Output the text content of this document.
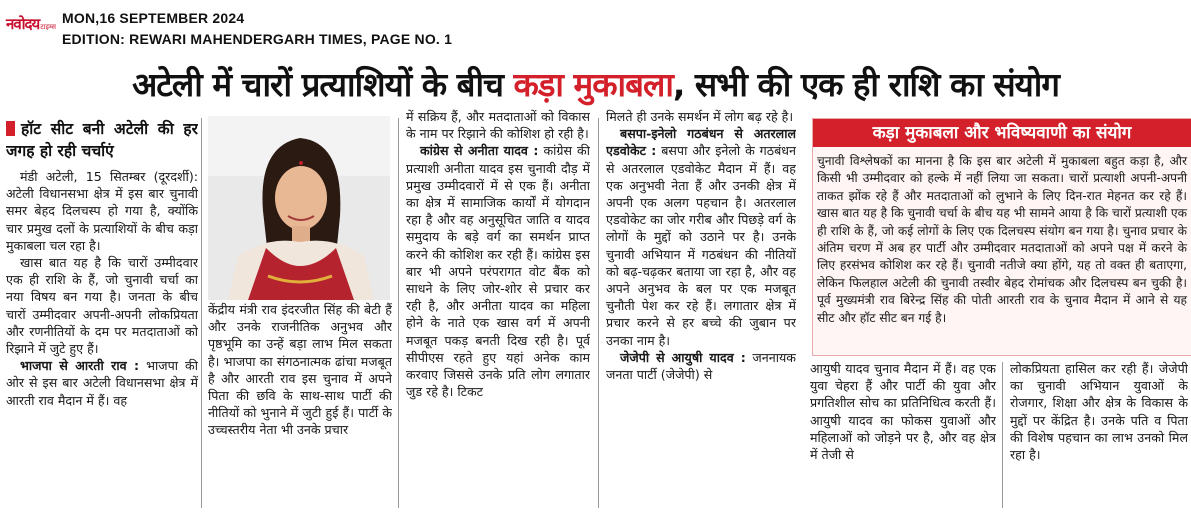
नवोदयटाइम्स
MON,16 SEPTEMBER 2024
EDITION: REWARI MAHENDERGARH TIMES, PAGE NO. 1
अटेली में चारों प्रत्याशियों के बीच कड़ा मुकाबला, सभी की एक ही राशि का संयोग

हॉट सीट बनी अटेली की हर जगह हो रही चर्चाएं

मंडी अटेली, 15 सितम्बर (दूरदर्शी): अटेली विधानसभा क्षेत्र में इस बार चुनावी समर बेहद दिलचस्प हो गया है, क्योंकि चार प्रमुख दलों के प्रत्याशियों के बीच कड़ा मुकाबला चल रहा है।

खास बात यह है कि चारों उम्मीदवार एक ही राशि के हैं, जो चुनावी चर्चा का नया विषय बन गया है। जनता के बीच चारों उम्मीदवार अपनी-अपनी लोकप्रियता और रणनीतियों के दम पर मतदाताओं को रिझाने में जुटे हुए हैं।

भाजपा से आरती राव : भाजपा की ओर से इस बार अटेली विधानसभा क्षेत्र में आरती राव मैदान में हैं। वह

केंद्रीय मंत्री राव इंदरजीत सिंह की बेटी हैं और उनके राजनीतिक अनुभव और पृष्ठभूमि का उन्हें बड़ा लाभ मिल सकता है। भाजपा का संगठनात्मक ढांचा मजबूत है और आरती राव इस चुनाव में अपने पिता की छवि के साथ-साथ पार्टी की नीतियों को भुनाने में जुटी हुई हैं। पार्टी के उच्चस्तरीय नेता भी उनके प्रचार

में सक्रिय हैं, और मतदाताओं को विकास के नाम पर रिझाने की कोशिश हो रही है।

कांग्रेस से अनीता यादव : कांग्रेस की प्रत्याशी अनीता यादव इस चुनावी दौड़ में प्रमुख उम्मीदवारों में से एक हैं। अनीता का क्षेत्र में सामाजिक कार्यों में योगदान रहा है और वह अनुसूचित जाति व यादव समुदाय के बड़े वर्ग का समर्थन प्राप्त करने की कोशिश कर रही हैं। कांग्रेस इस बार भी अपने परंपरागत वोट बैंक को साधने के लिए जोर-शोर से प्रचार कर रही है, और अनीता यादव का महिला होने के नाते एक खास वर्ग में अपनी मजबूत पकड़ बनती दिख रही है। पूर्व सीपीएस रहते हुए यहां अनेक काम करवाए जिससे उनके प्रति लोग लगातार जुड रहे है। टिकट

मिलते ही उनके समर्थन में लोग बढ़ रहे है।

बसपा-इनेलो गठबंधन से अतरलाल एडवोकेट : बसपा और इनेलो के गठबंधन से अतरलाल एडवोकेट मैदान में हैं। वह एक अनुभवी नेता हैं और उनकी क्षेत्र में अपनी एक अलग पहचान है। अतरलाल एडवोकेट का जोर गरीब और पिछड़े वर्ग के लोगों के मुद्दों को उठाने पर है। उनके चुनावी अभियान में गठबंधन की नीतियों को बढ़-चढ़कर बताया जा रहा है, और वह अपने अनुभव के बल पर एक मजबूत चुनौती पेश कर रहे हैं। लगातार क्षेत्र में प्रचार करने से हर बच्चे की जुबान पर उनका नाम है।

जेजेपी से आयुषी यादव : जननायक जनता पार्टी (जेजेपी) से

कड़ा मुकाबला और भविष्यवाणी का संयोग
चुनावी विश्लेषकों का मानना है कि इस बार अटेली में मुकाबला बहुत कड़ा है, और किसी भी उम्मीदवार को हल्के में नहीं लिया जा सकता। चारों प्रत्याशी अपनी-अपनी ताकत झोंक रहे हैं और मतदाताओं को लुभाने के लिए दिन-रात मेहनत कर रहे हैं। खास बात यह है कि चुनावी चर्चा के बीच यह भी सामने आया है कि चारों प्रत्याशी एक ही राशि के हैं, जो कई लोगों के लिए एक दिलचस्प संयोग बन गया है। चुनाव प्रचार के अंतिम चरण में अब हर पार्टी और उम्मीदवार मतदाताओं को अपने पक्ष में करने के लिए हरसंभव कोशिश कर रहे हैं। चुनावी नतीजे क्या होंगे, यह तो वक्त ही बताएगा, लेकिन फिलहाल अटेली की चुनावी तस्वीर बेहद रोमांचक और दिलचस्प बन चुकी है। पूर्व मुख्यमंत्री राव बिरेन्द्र सिंह की पोती आरती राव के चुनाव मैदान में आने से यह सीट और हॉट सीट बन गई है।

आयुषी यादव चुनाव मैदान में हैं। वह एक युवा चेहरा हैं और पार्टी की युवा और प्रगतिशील सोच का प्रतिनिधित्व करती हैं। आयुषी यादव का फोकस युवाओं और महिलाओं को जोड़ने पर है, और वह क्षेत्र में तेजी से

लोकप्रियता हासिल कर रही हैं। जेजेपी का चुनावी अभियान युवाओं के रोजगार, शिक्षा और क्षेत्र के विकास के मुद्दों पर केंद्रित है। उनके पति व पिता की विशेष पहचान का लाभ उनको मिल रहा है।
